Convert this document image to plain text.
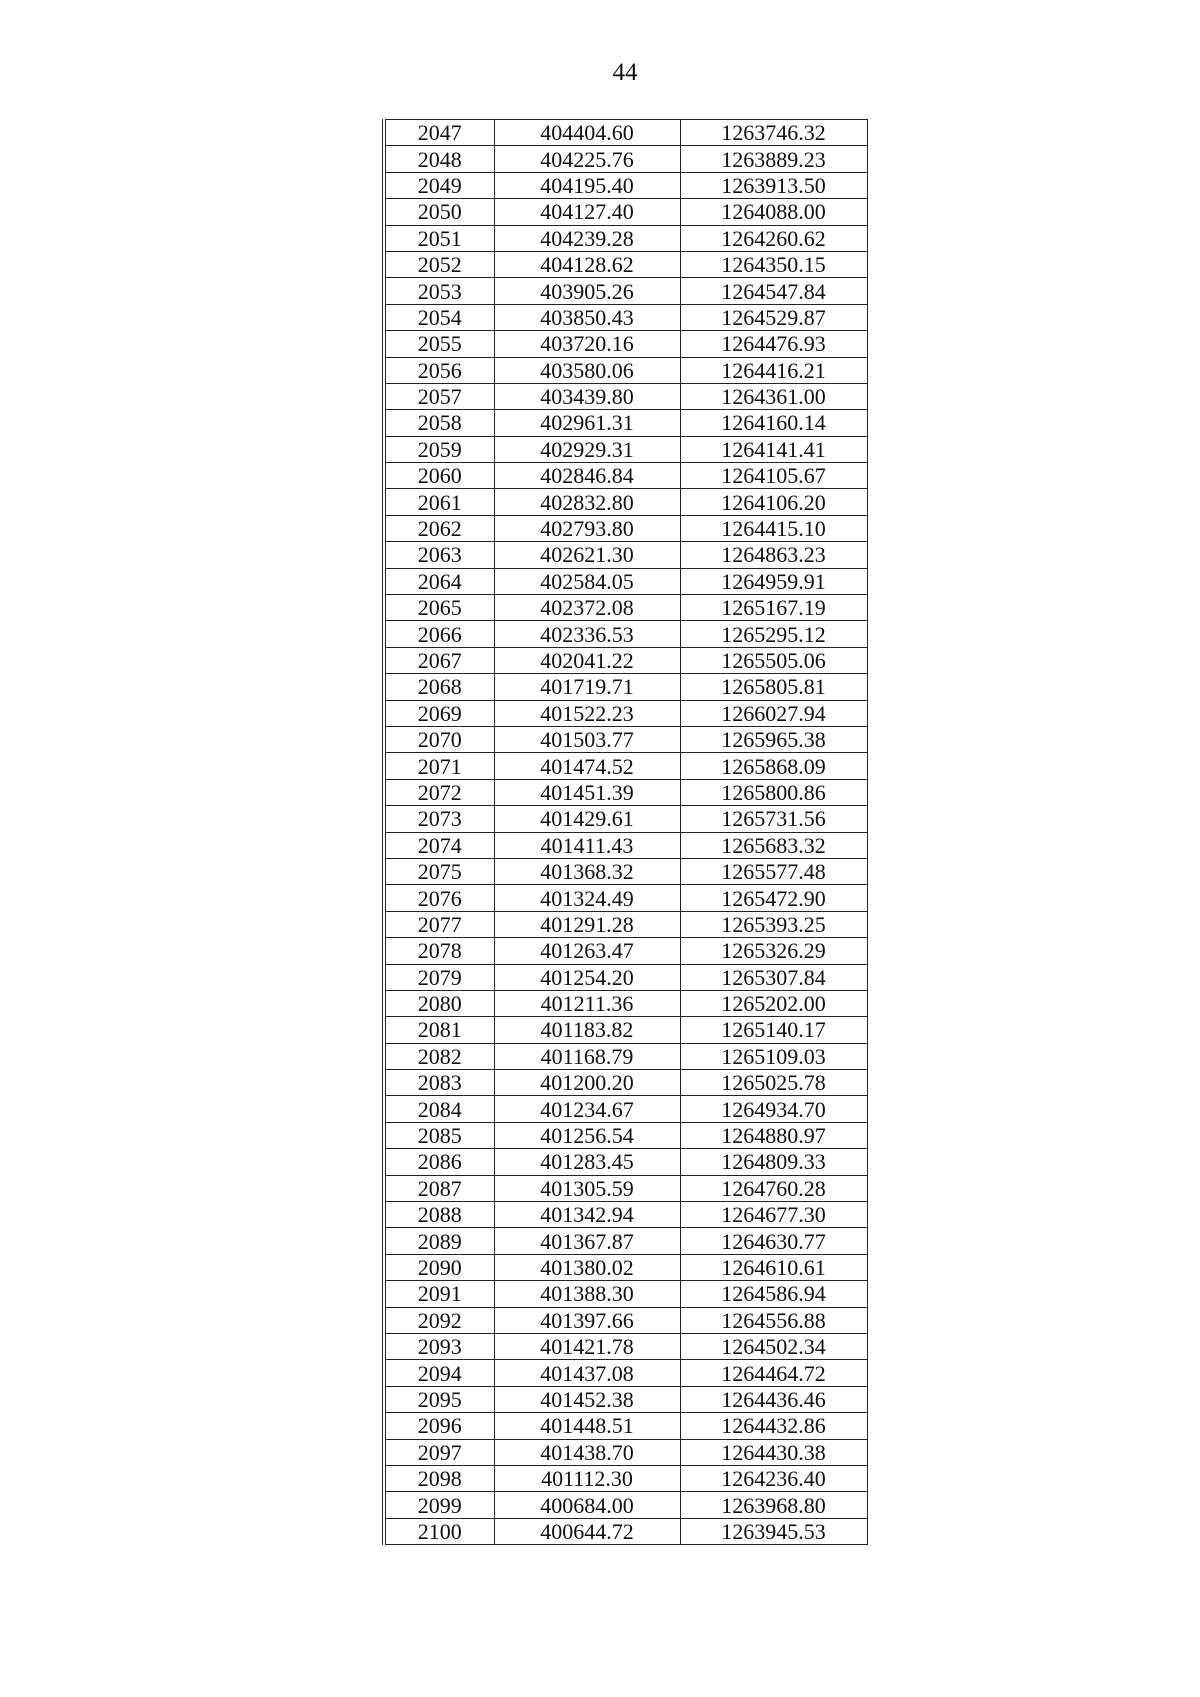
44
2047	404404.60	1263746.32
2048	404225.76	1263889.23
2049	404195.40	1263913.50
2050	404127.40	1264088.00
2051	404239.28	1264260.62
2052	404128.62	1264350.15
2053	403905.26	1264547.84
2054	403850.43	1264529.87
2055	403720.16	1264476.93
2056	403580.06	1264416.21
2057	403439.80	1264361.00
2058	402961.31	1264160.14
2059	402929.31	1264141.41
2060	402846.84	1264105.67
2061	402832.80	1264106.20
2062	402793.80	1264415.10
2063	402621.30	1264863.23
2064	402584.05	1264959.91
2065	402372.08	1265167.19
2066	402336.53	1265295.12
2067	402041.22	1265505.06
2068	401719.71	1265805.81
2069	401522.23	1266027.94
2070	401503.77	1265965.38
2071	401474.52	1265868.09
2072	401451.39	1265800.86
2073	401429.61	1265731.56
2074	401411.43	1265683.32
2075	401368.32	1265577.48
2076	401324.49	1265472.90
2077	401291.28	1265393.25
2078	401263.47	1265326.29
2079	401254.20	1265307.84
2080	401211.36	1265202.00
2081	401183.82	1265140.17
2082	401168.79	1265109.03
2083	401200.20	1265025.78
2084	401234.67	1264934.70
2085	401256.54	1264880.97
2086	401283.45	1264809.33
2087	401305.59	1264760.28
2088	401342.94	1264677.30
2089	401367.87	1264630.77
2090	401380.02	1264610.61
2091	401388.30	1264586.94
2092	401397.66	1264556.88
2093	401421.78	1264502.34
2094	401437.08	1264464.72
2095	401452.38	1264436.46
2096	401448.51	1264432.86
2097	401438.70	1264430.38
2098	401112.30	1264236.40
2099	400684.00	1263968.80
2100	400644.72	1263945.53
